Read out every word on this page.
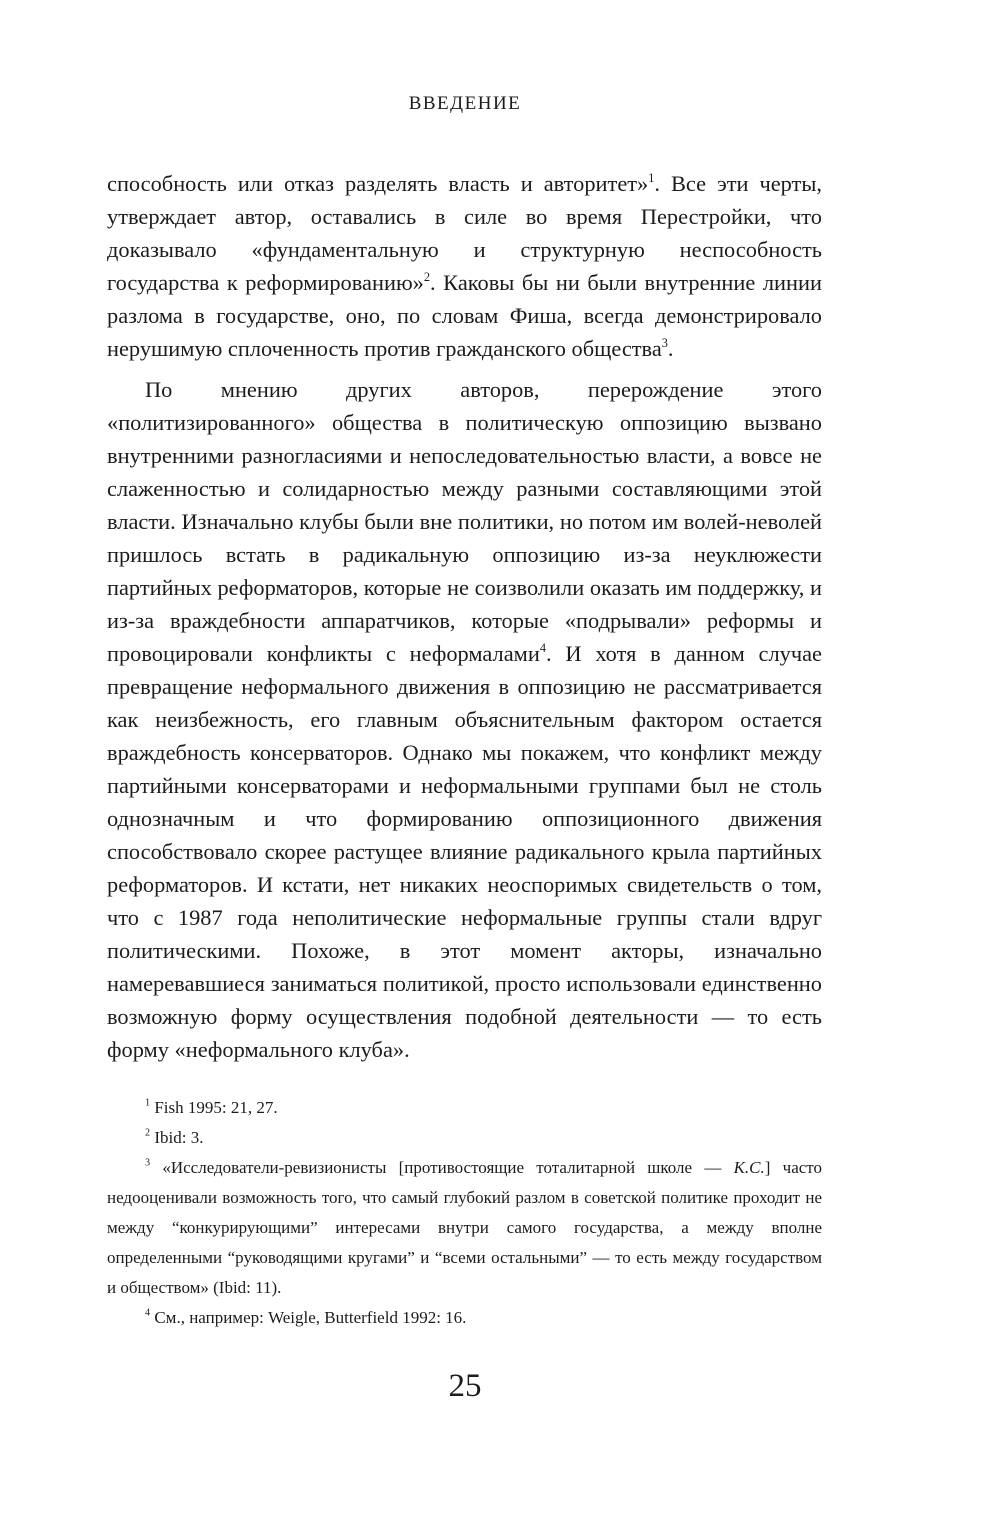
ВВЕДЕНИЕ

способность или отказ разделять власть и авторитет»$^1$. Все эти черты, утверждает автор, оставались в силе во время Перестройки, что доказывало «фундаментальную и структурную неспособность государства к реформированию»$^2$. Каковы бы ни были внутренние линии разлома в государстве, оно, по словам Фиша, всегда демонстрировало нерушимую сплоченность против гражданского общества$^3$.

По мнению других авторов, перерождение этого «политизированного» общества в политическую оппозицию вызвано внутренними разногласиями и непоследовательностью власти, а вовсе не слаженностью и солидарностью между разными составляющими этой власти. Изначально клубы были вне политики, но потом им волей-неволей пришлось встать в радикальную оппозицию из-за неуклюжести партийных реформаторов, которые не соизволили оказать им поддержку, и из-за враждебности аппаратчиков, которые «подрывали» реформы и провоцировали конфликты с неформалами$^4$. И хотя в данном случае превращение неформального движения в оппозицию не рассматривается как неизбежность, его главным объяснительным фактором остается враждебность консерваторов. Однако мы покажем, что конфликт между партийными консерваторами и неформальными группами был не столь однозначным и что формированию оппозиционного движения способствовало скорее растущее влияние радикального крыла партийных реформаторов. И кстати, нет никаких неоспоримых свидетельств о том, что с 1987 года неполитические неформальные группы стали вдруг политическими. Похоже, в этот момент акторы, изначально намеревавшиеся заниматься политикой, просто использовали единственно возможную форму осуществления подобной деятельности — то есть форму «неформального клуба».

$^1$ Fish 1995: 21, 27.

$^2$ Ibid: 3.

$^3$ «Исследователи-ревизионисты [противостоящие тоталитарной школе — К.С.] часто недооценивали возможность того, что самый глубокий разлом в советской политике проходит не между “конкурирующими” интересами внутри самого государства, а между вполне определенными “руководящими кругами” и “всеми остальными” — то есть между государством и обществом» (Ibid: 11).

$^4$ См., например: Weigle, Butterfield 1992: 16.

25
